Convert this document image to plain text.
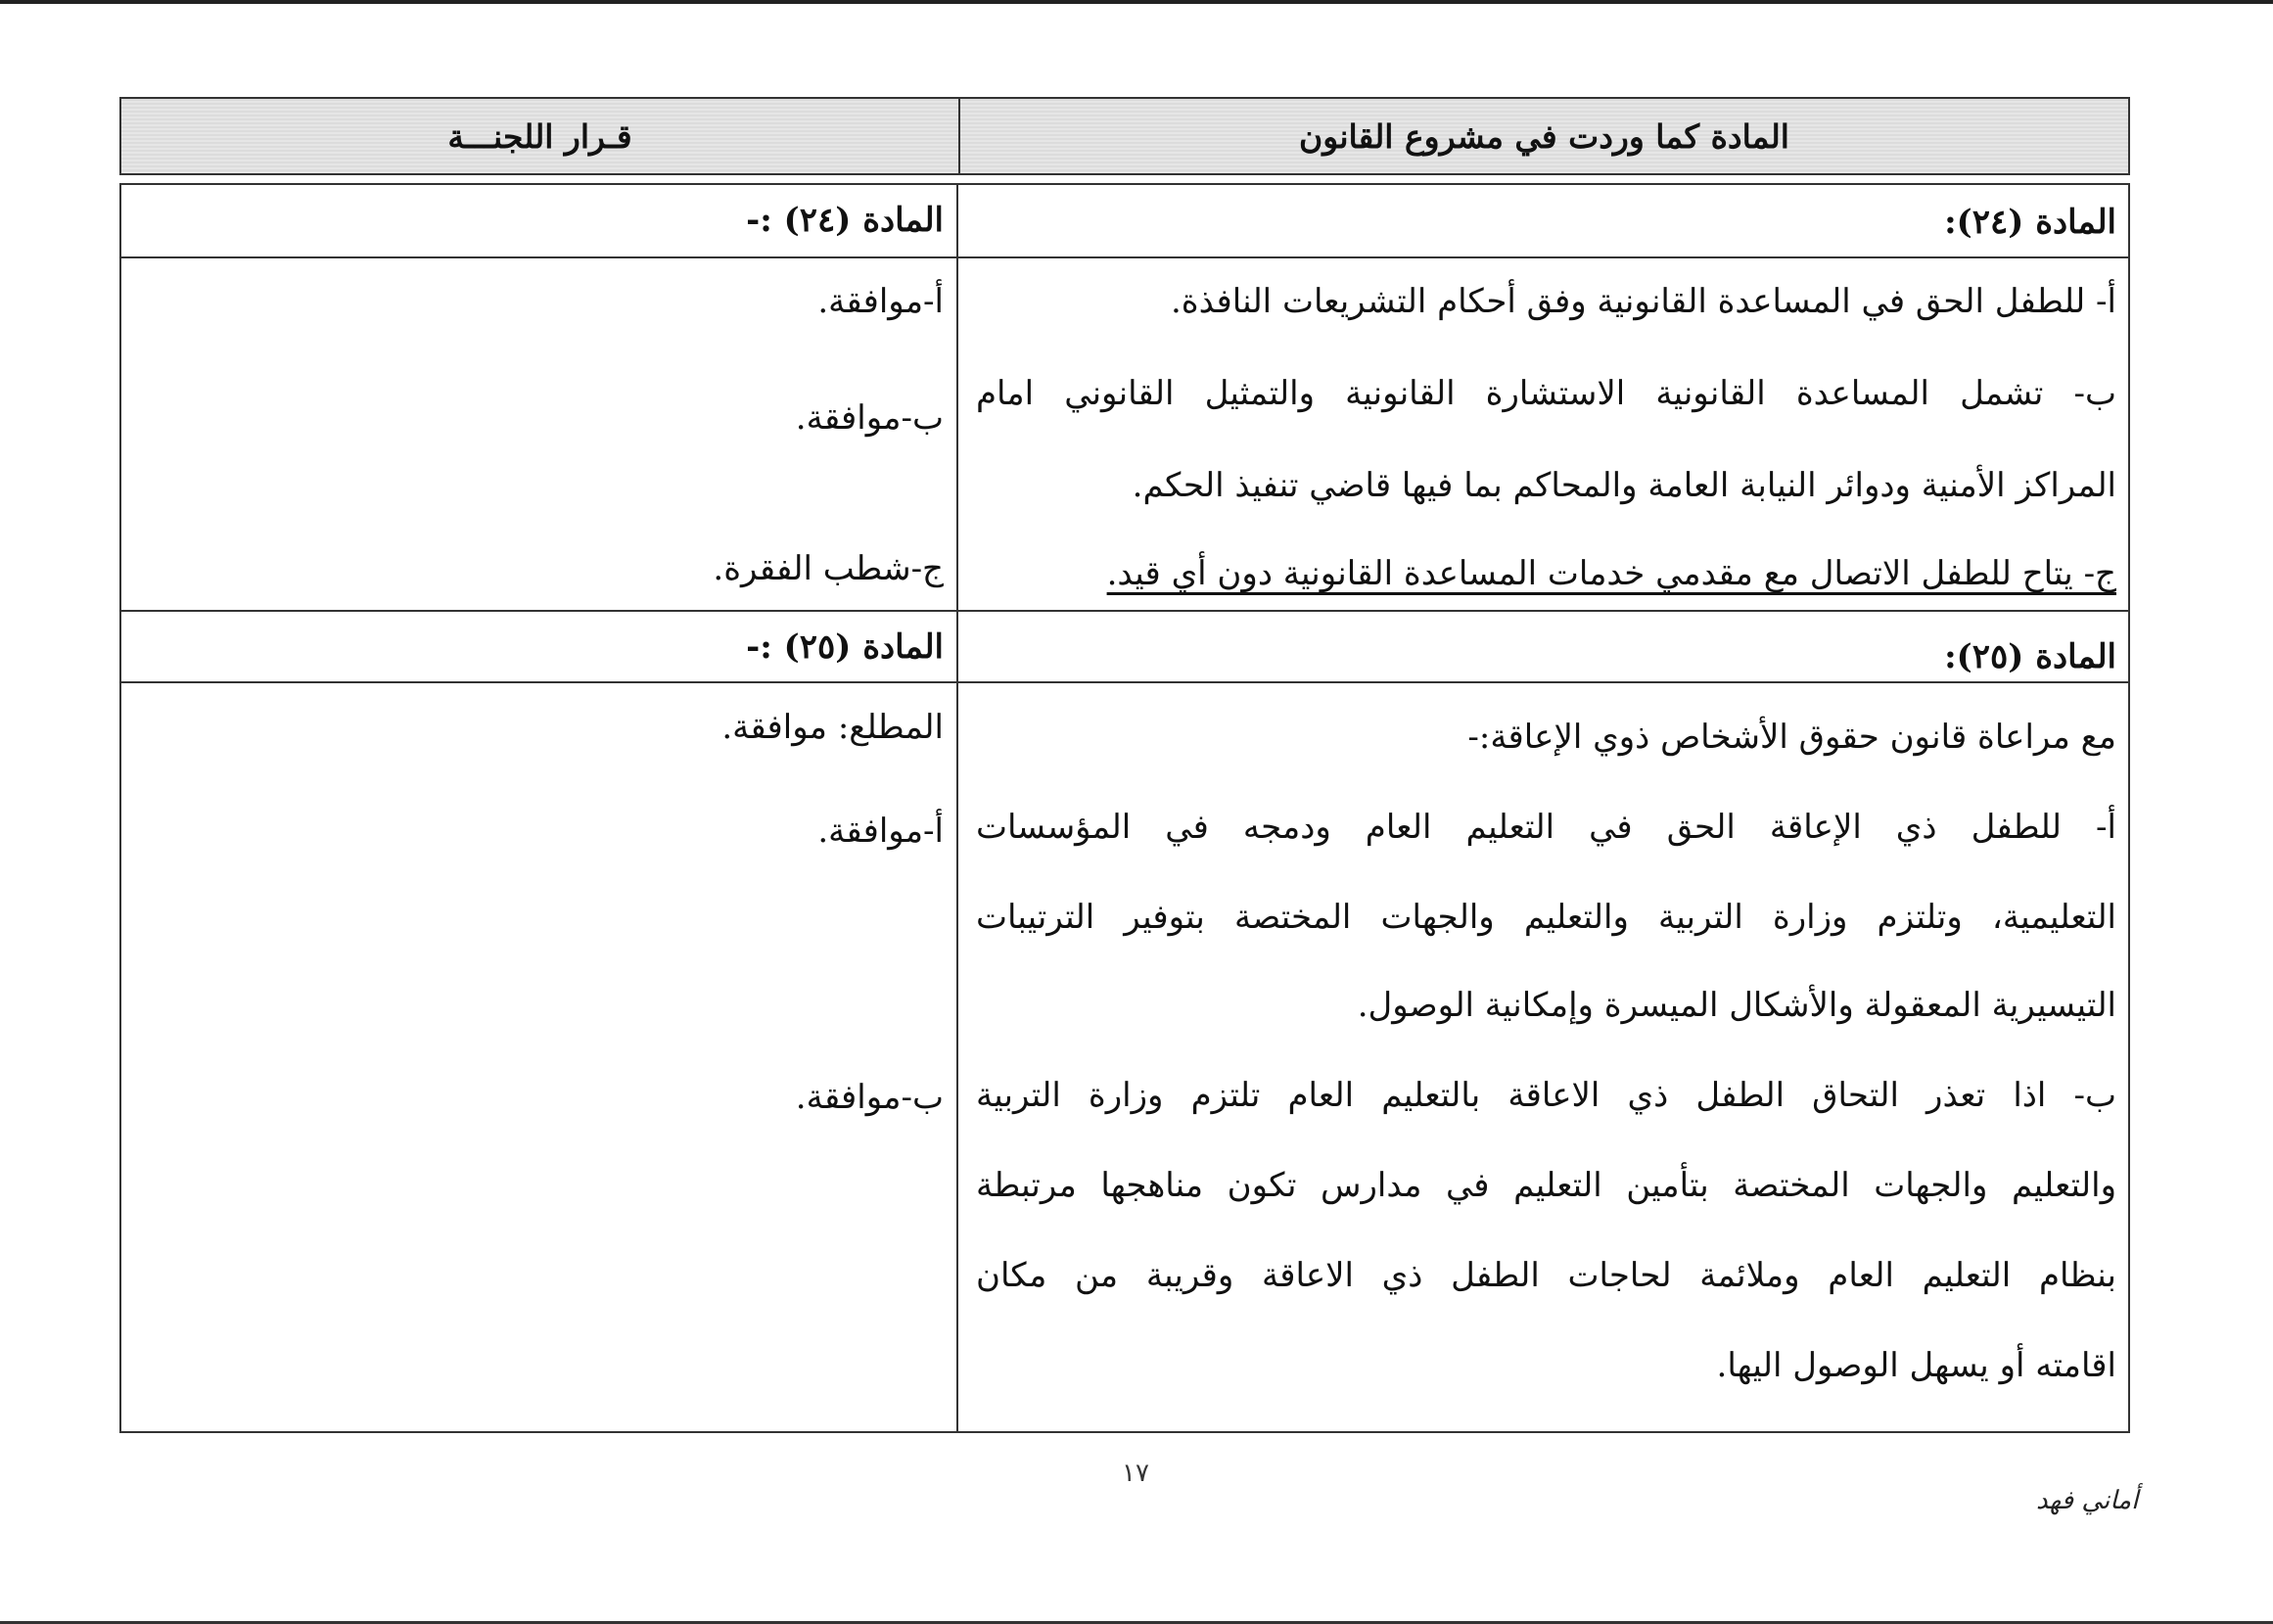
المادة كما وردت في مشروع القانون
قـرار اللجنـــة
المادة (٢٤):
المادة (٢٤) :-
أ- للطفل الحق في المساعدة القانونية وفق أحكام التشريعات النافذة.
ب- تشمل المساعدة القانونية الاستشارة القانونية والتمثيل القانوني امام
المراكز الأمنية ودوائر النيابة العامة والمحاكم بما فيها قاضي تنفيذ الحكم.
ج- يتاح للطفل الاتصال مع مقدمي خدمات المساعدة القانونية دون أي قيد.
أ-موافقة.
ب-موافقة.
ج-شطب الفقرة.
المادة (٢٥):
المادة (٢٥) :-
مع مراعاة قانون حقوق الأشخاص ذوي الإعاقة:-
أ- للطفل ذي الإعاقة الحق في التعليم العام ودمجه في المؤسسات
التعليمية، وتلتزم وزارة التربية والتعليم والجهات المختصة بتوفير الترتيبات
التيسيرية المعقولة والأشكال الميسرة وإمكانية الوصول.
ب- اذا تعذر التحاق الطفل ذي الاعاقة بالتعليم العام تلتزم وزارة التربية
والتعليم والجهات المختصة بتأمين التعليم في مدارس تكون مناهجها مرتبطة
بنظام التعليم العام وملائمة لحاجات الطفل ذي الاعاقة وقريبة من مكان
اقامته أو يسهل الوصول اليها.
المطلع: موافقة.
أ-موافقة.
ب-موافقة.
١٧
أماني فهد
